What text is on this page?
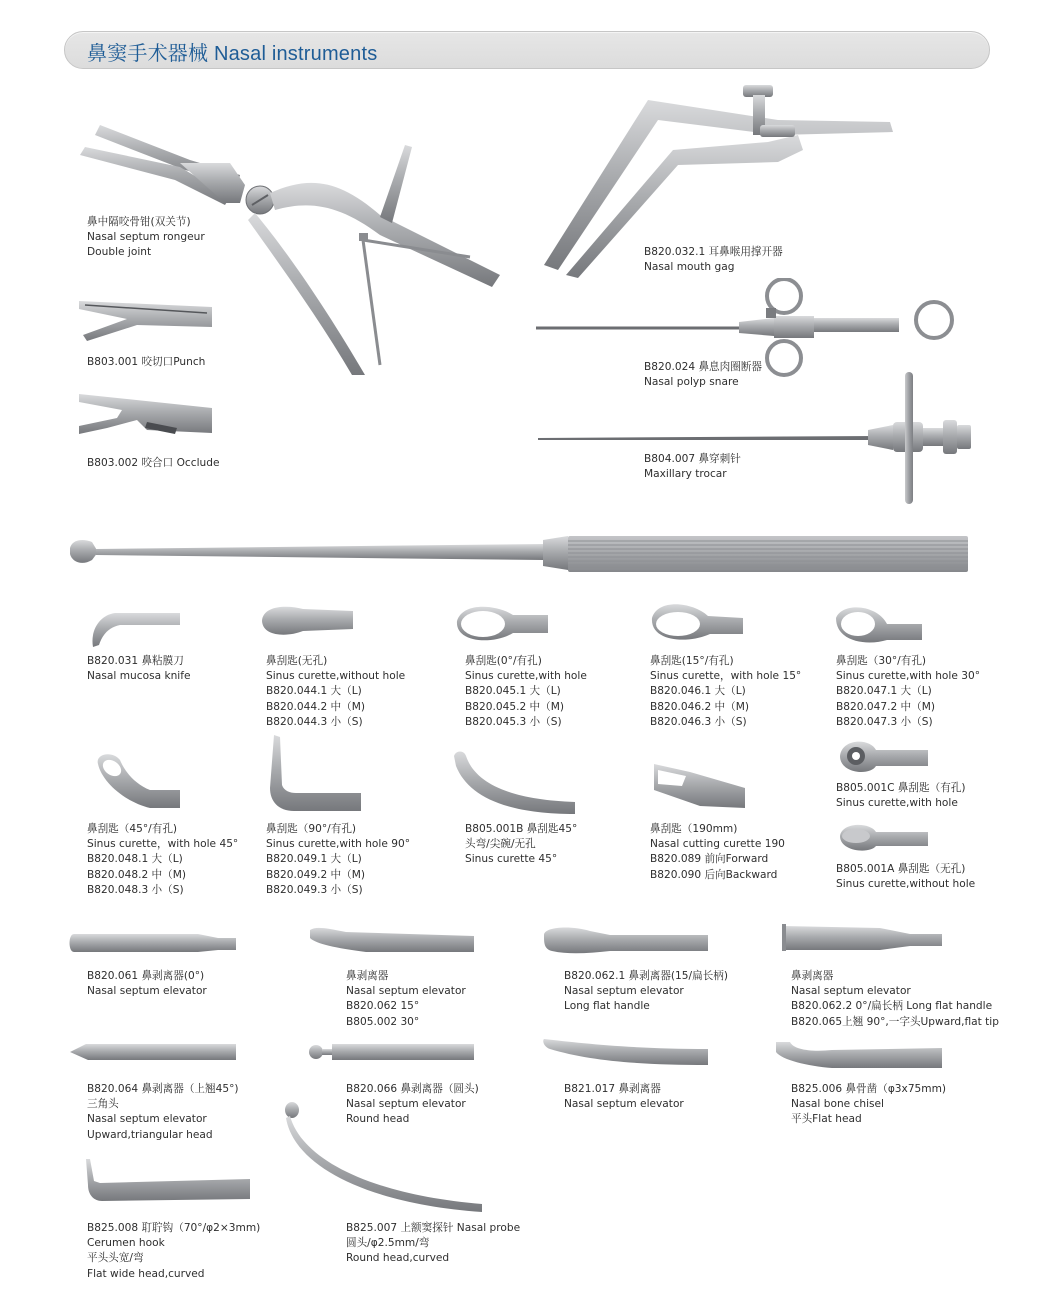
鼻窦手术器械 Nasal instruments
鼻中隔咬骨钳(双关节)
Nasal septum rongeur
Double joint
B803.001 咬切口Punch
B803.002 咬合口 Occlude
B820.032.1 耳鼻喉用撑开器
Nasal mouth gag
B820.024 鼻息肉圈断器
Nasal polyp snare
B804.007 鼻穿刺针
Maxillary trocar
B820.031 鼻粘膜刀
Nasal mucosa knife
鼻刮匙(无孔)
Sinus curette,without hole
B820.044.1 大（L)
B820.044.2 中（M)
B820.044.3 小（S)
鼻刮匙(0°/有孔)
Sinus curette,with hole
B820.045.1 大（L)
B820.045.2 中（M)
B820.045.3 小（S)
鼻刮匙(15°/有孔)
Sinus curette，with hole 15°
B820.046.1 大（L)
B820.046.2 中（M)
B820.046.3 小（S)
鼻刮匙（30°/有孔)
Sinus curette,with hole 30°
B820.047.1 大（L)
B820.047.2 中（M)
B820.047.3 小（S)
鼻刮匙（45°/有孔)
Sinus curette，with hole 45°
B820.048.1 大（L)
B820.048.2 中（M)
B820.048.3 小（S)
鼻刮匙（90°/有孔)
Sinus curette,with hole 90°
B820.049.1 大（L)
B820.049.2 中（M)
B820.049.3 小（S)
B805.001B 鼻刮匙45°
头弯/尖碗/无孔
Sinus curette 45°
鼻刮匙（190mm)
Nasal cutting curette 190
B820.089 前向Forward
B820.090 后向Backward
B805.001C 鼻刮匙（有孔)
Sinus curette,with hole
B805.001A 鼻刮匙（无孔)
Sinus curette,without hole
B820.061 鼻剥离器(0°)
Nasal septum elevator
鼻剥离器
Nasal septum elevator
B820.062 15°
B805.002 30°
B820.062.1 鼻剥离器(15/扁长柄)
Nasal septum elevator
Long flat handle
鼻剥离器
Nasal septum elevator
B820.062.2 0°/扁长柄 Long flat handle
B820.065上翘 90°,一字头Upward,flat tip
B820.064 鼻剥离器（上翘45°)
三角头
Nasal septum elevator
Upward,triangular head
B820.066 鼻剥离器（圆头)
Nasal septum elevator
Round head
B821.017 鼻剥离器
Nasal septum elevator
B825.006 鼻骨凿（φ3x75mm)
Nasal bone chisel
平头Flat head
B825.008 耵聍钩（70°/φ2×3mm)
Cerumen hook
平头头宽/弯
Flat wide head,curved
B825.007 上额窦探针 Nasal probe
圆头/φ2.5mm/弯
Round head,curved
